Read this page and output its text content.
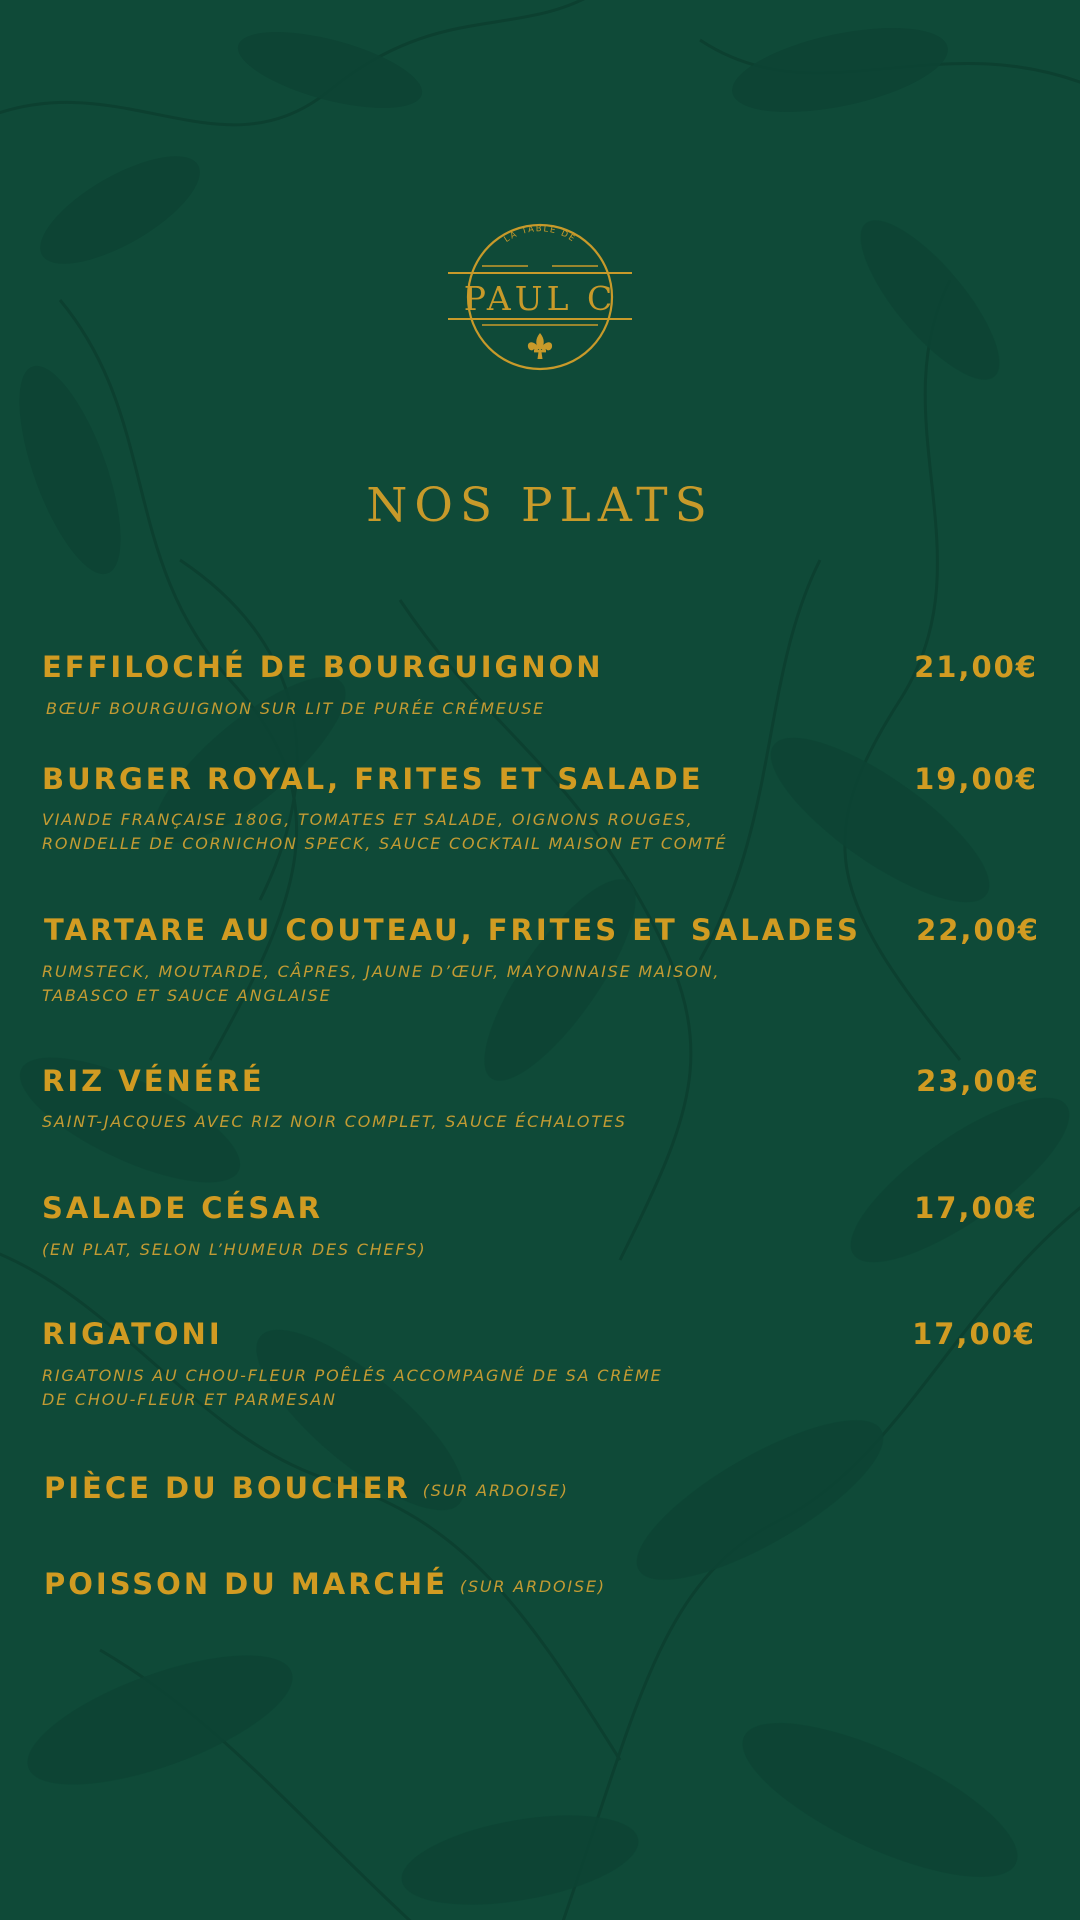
LA TABLE DE
PAUL C
NOS PLATS
EFFILOCHÉ DE BOURGUIGNON	21,00€
BŒUF BOURGUIGNON SUR LIT DE PURÉE CRÉMEUSE
BURGER ROYAL, FRITES ET SALADE	19,00€
VIANDE FRANÇAISE 180G, TOMATES ET SALADE, OIGNONS ROUGES,
RONDELLE DE CORNICHON SPECK, SAUCE COCKTAIL MAISON ET COMTÉ
TARTARE AU COUTEAU, FRITES ET SALADES 22,00€
RUMSTECK, MOUTARDE, CÂPRES, JAUNE D’ŒUF, MAYONNAISE MAISON,
TABASCO ET SAUCE ANGLAISE
RIZ VÉNÉRÉ	23,00€
SAINT-JACQUES AVEC RIZ NOIR COMPLET, SAUCE ÉCHALOTES
SALADE CÉSAR	17,00€
(EN PLAT, SELON L’HUMEUR DES CHEFS)
RIGATONI	17,00€
RIGATONIS AU CHOU-FLEUR POÊLÉS ACCOMPAGNÉ DE SA CRÈME
DE CHOU-FLEUR ET PARMESAN
PIÈCE DU BOUCHER (SUR ARDOISE)
POISSON DU MARCHÉ (SUR ARDOISE)
